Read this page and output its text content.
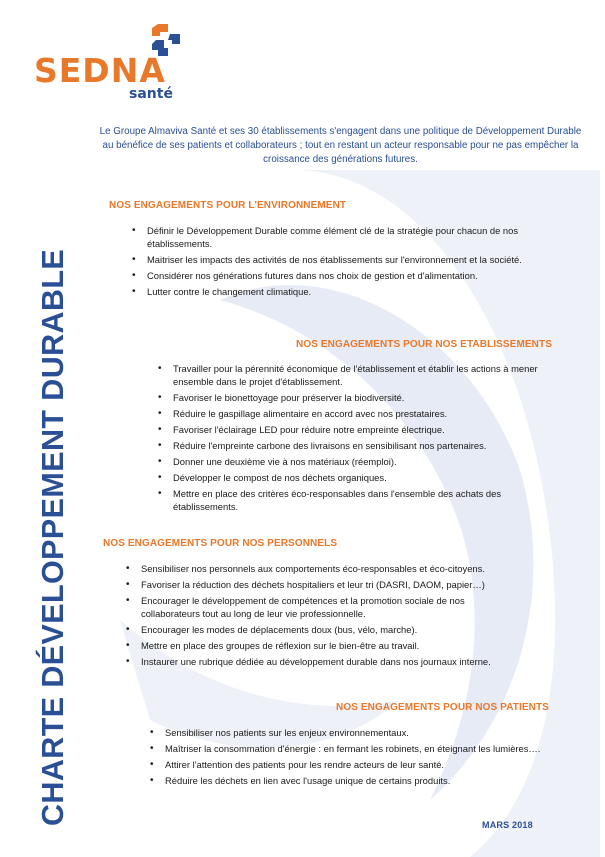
SEDNA
santé
CHARTE DÉVELOPPEMENT DURABLE

Le Groupe Almaviva Santé et ses 30 établissements s'engagent dans une politique de Développement Durable au bénéfice de ses patients et collaborateurs ; tout en restant un acteur responsable pour ne pas empêcher la croissance des générations futures.

NOS ENGAGEMENTS POUR L'ENVIRONNEMENT
• Définir le Développement Durable comme élément clé de la stratégie pour chacun de nos établissements.
• Maitriser les impacts des activités de nos établissements sur l'environnement et la société.
• Considérer nos générations futures dans nos choix de gestion et d'alimentation.
• Lutter contre le changement climatique.
NOS ENGAGEMENTS POUR NOS ETABLISSEMENTS
• Travailler pour la pérennité économique de l'établissement et établir les actions à mener ensemble dans le projet d'établissement.
• Favoriser le bionettoyage pour préserver la biodiversité.
• Réduire le gaspillage alimentaire en accord avec nos prestataires.
• Favoriser l'éclairage LED pour réduire notre empreinte électrique.
• Réduire l'empreinte carbone des livraisons en sensibilisant nos partenaires.
• Donner une deuxième vie à nos matériaux (réemploi).
• Développer le compost de nos déchets organiques.
• Mettre en place des critères éco-responsables dans l'ensemble des achats des établissements.
NOS ENGAGEMENTS POUR NOS PERSONNELS
• Sensibiliser nos personnels aux comportements éco-responsables et éco-citoyens.
• Favoriser la réduction des déchets hospitaliers et leur tri (DASRI, DAOM, papier…)
• Encourager le développement de compétences et la promotion sociale de nos collaborateurs tout au long de leur vie professionnelle.
• Encourager les modes de déplacements doux (bus, vélo, marche).
• Mettre en place des groupes de réflexion sur le bien-être au travail.
• Instaurer une rubrique dédiée au développement durable dans nos journaux interne.
NOS ENGAGEMENTS POUR NOS PATIENTS
• Sensibiliser nos patients sur les enjeux environnementaux.
• Maîtriser la consommation d'énergie : en fermant les robinets, en éteignant les lumières….
• Attirer l'attention des patients pour les rendre acteurs de leur santé.
• Réduire les déchets en lien avec l'usage unique de certains produits.
MARS 2018
